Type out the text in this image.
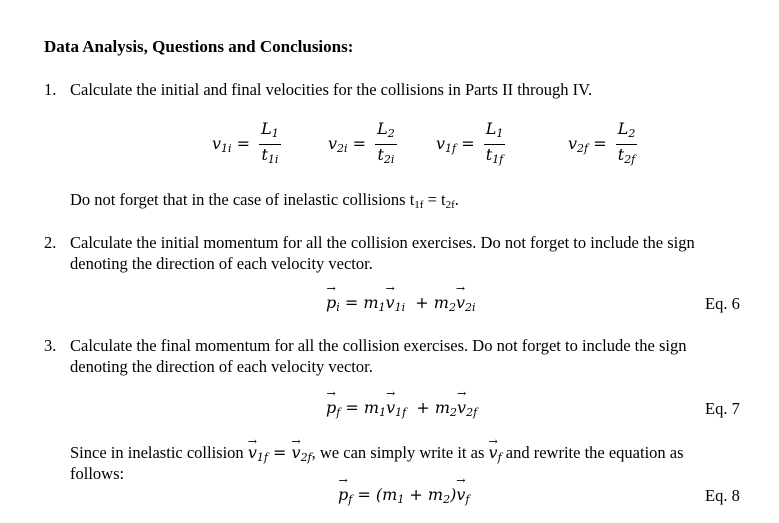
Data Analysis, Questions and Conclusions:
1. Calculate the initial and final velocities for the collisions in Parts II through IV.
$v_{1i} = \frac{L_1}{t_{1i}}$	$v_{2i} = \frac{L_2}{t_{2i}} v_{1f} = \frac{L_1}{t_{1f}}$	$v_{2f} = \frac{L_2}{t_{2f}}$
Do not forget that in the case of inelastic collisions $t_{1f} = t_{2f}$.
2. Calculate the initial momentum for all the collision exercises. Do not forget to include the sign
denoting the direction of each velocity vector.
→ $p_i = m_1\to v_{1i} + m_2\to v_{2i}$	Eq. 6
3. Calculate the final momentum for all the collision exercises. Do not forget to include the sign
denoting the direction of each velocity vector.
→ $p_f = m_1\to v_{1f} + m_2\to v_{2f}$	Eq. 7
Since in inelastic collision → $v_{1f}$ = → $v_{2f}$, we can simply write it as → $v_f$ and rewrite the equation as
follows:
→ $p_f = (m_1 + m_2)\to v_f$	Eq. 8
